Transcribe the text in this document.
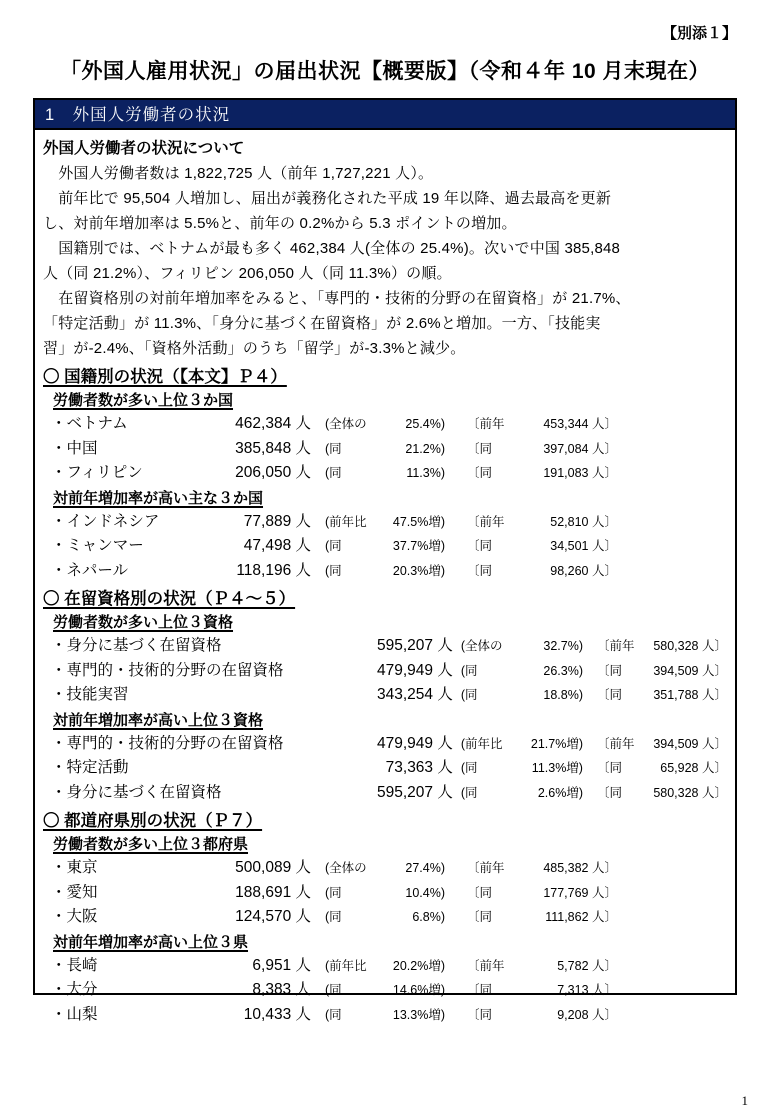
【別添１】
「外国人雇用状況」の届出状況【概要版】（令和４年 10 月末現在）
1　外国人労働者の状況
外国人労働者の状況について
　外国人労働者数は 1,822,725 人（前年 1,727,221 人）。
　前年比で 95,504 人増加し、届出が義務化された平成 19 年以降、過去最高を更新
し、対前年増加率は 5.5%と、前年の 0.2%から 5.3 ポイントの増加。
　国籍別では、ベトナムが最も多く 462,384 人(全体の 25.4%)。次いで中国 385,848
人（同 21.2%）、フィリピン 206,050 人（同 11.3%）の順。
　在留資格別の対前年増加率をみると、「専門的・技術的分野の在留資格」が 21.7%、
「特定活動」が 11.3%、「身分に基づく在留資格」が 2.6%と増加。一方、「技能実
習」が-2.4%、「資格外活動」のうち「留学」が-3.3%と減少。
〇 国籍別の状況（【本文】Ｐ４）
労働者数が多い上位３か国
・ベトナム	462,384 人 (全体の	25.4%) 〔前年	453,344 人〕
・中国	385,848 人 (同	21.2%) 〔同	397,084 人〕
・フィリピン	206,050 人 (同	11.3%) 〔同	191,083 人〕
対前年増加率が高い主な３か国
・インドネシア	77,889 人 (前年比 47.5%増) 〔前年	52,810 人〕
・ミャンマー	47,498 人 (同	37.7%増) 〔同	34,501 人〕
・ネパール	118,196 人 (同	20.3%増) 〔同	98,260 人〕
〇 在留資格別の状況（Ｐ４～５）
労働者数が多い上位３資格
・身分に基づく在留資格	595,207 人 (全体の	32.7%) 〔前年 580,328 人〕
・専門的・技術的分野の在留資格	479,949 人 (同	26.3%) 〔同	394,509 人〕
・技能実習	343,254 人 (同	18.8%) 〔同	351,788 人〕
対前年増加率が高い上位３資格
・専門的・技術的分野の在留資格	479,949 人 (前年比 21.7%増) 〔前年 394,509 人〕
・特定活動	73,363 人 (同	11.3%増) 〔同	65,928 人〕
・身分に基づく在留資格	595,207 人 (同	2.6%増) 〔同	580,328 人〕
〇 都道府県別の状況（Ｐ７）
労働者数が多い上位３都府県
・東京	500,089 人 (全体の	27.4%) 〔前年	485,382 人〕
・愛知	188,691 人 (同	10.4%) 〔同	177,769 人〕
・大阪	124,570 人 (同	6.8%) 〔同	111,862 人〕
対前年増加率が高い上位３県
・長崎	6,951 人 (前年比 20.2%増) 〔前年	5,782 人〕
・大分	8,383 人 (同	14.6%増) 〔同	7,313 人〕
・山梨	10,433 人 (同	13.3%増) 〔同	9,208 人〕
1
